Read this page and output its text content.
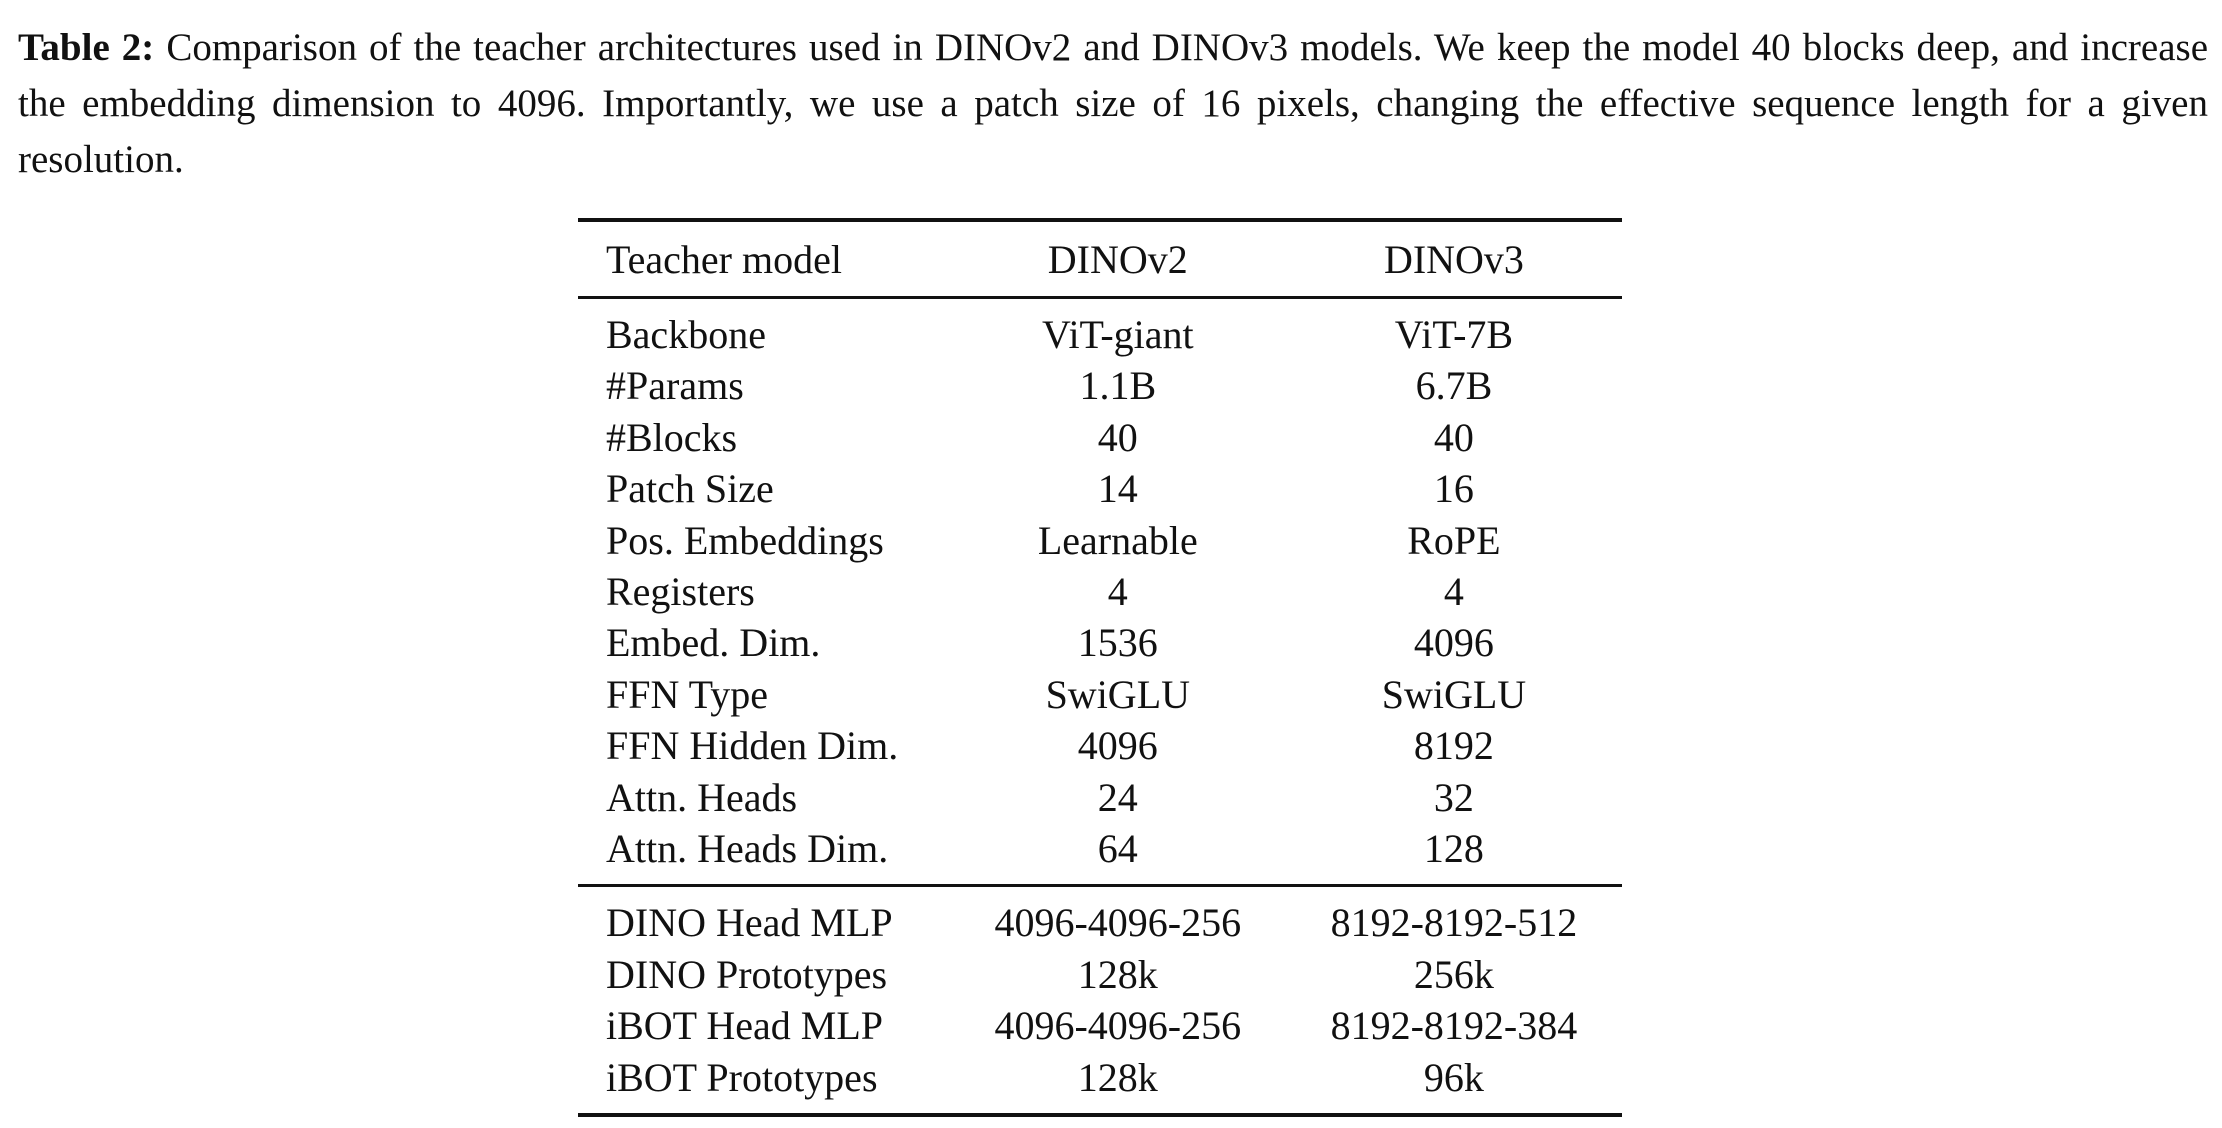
Table 2: Comparison of the teacher architectures used in DINOv2 and DINOv3 models. We keep the model 40 blocks deep, and increase the embedding dimension to 4096. Importantly, we use a patch size of 16 pixels, changing the effective sequence length for a given resolution.

Teacher model	DINOv2	DINOv3

Backbone	ViT-giant	ViT-7B
#Params	1.1B	6.7B
#Blocks	40	40
Patch Size	14	16
Pos. Embeddings	Learnable	RoPE
Registers	4	4
Embed. Dim.	1536	4096
FFN Type	SwiGLU	SwiGLU
FFN Hidden Dim.	4096	8192
Attn. Heads	24	32
Attn. Heads Dim.	64	128

DINO Head MLP	4096-4096-256	8192-8192-512
DINO Prototypes	128k	256k
iBOT Head MLP	4096-4096-256	8192-8192-384
iBOT Prototypes	128k	96k
